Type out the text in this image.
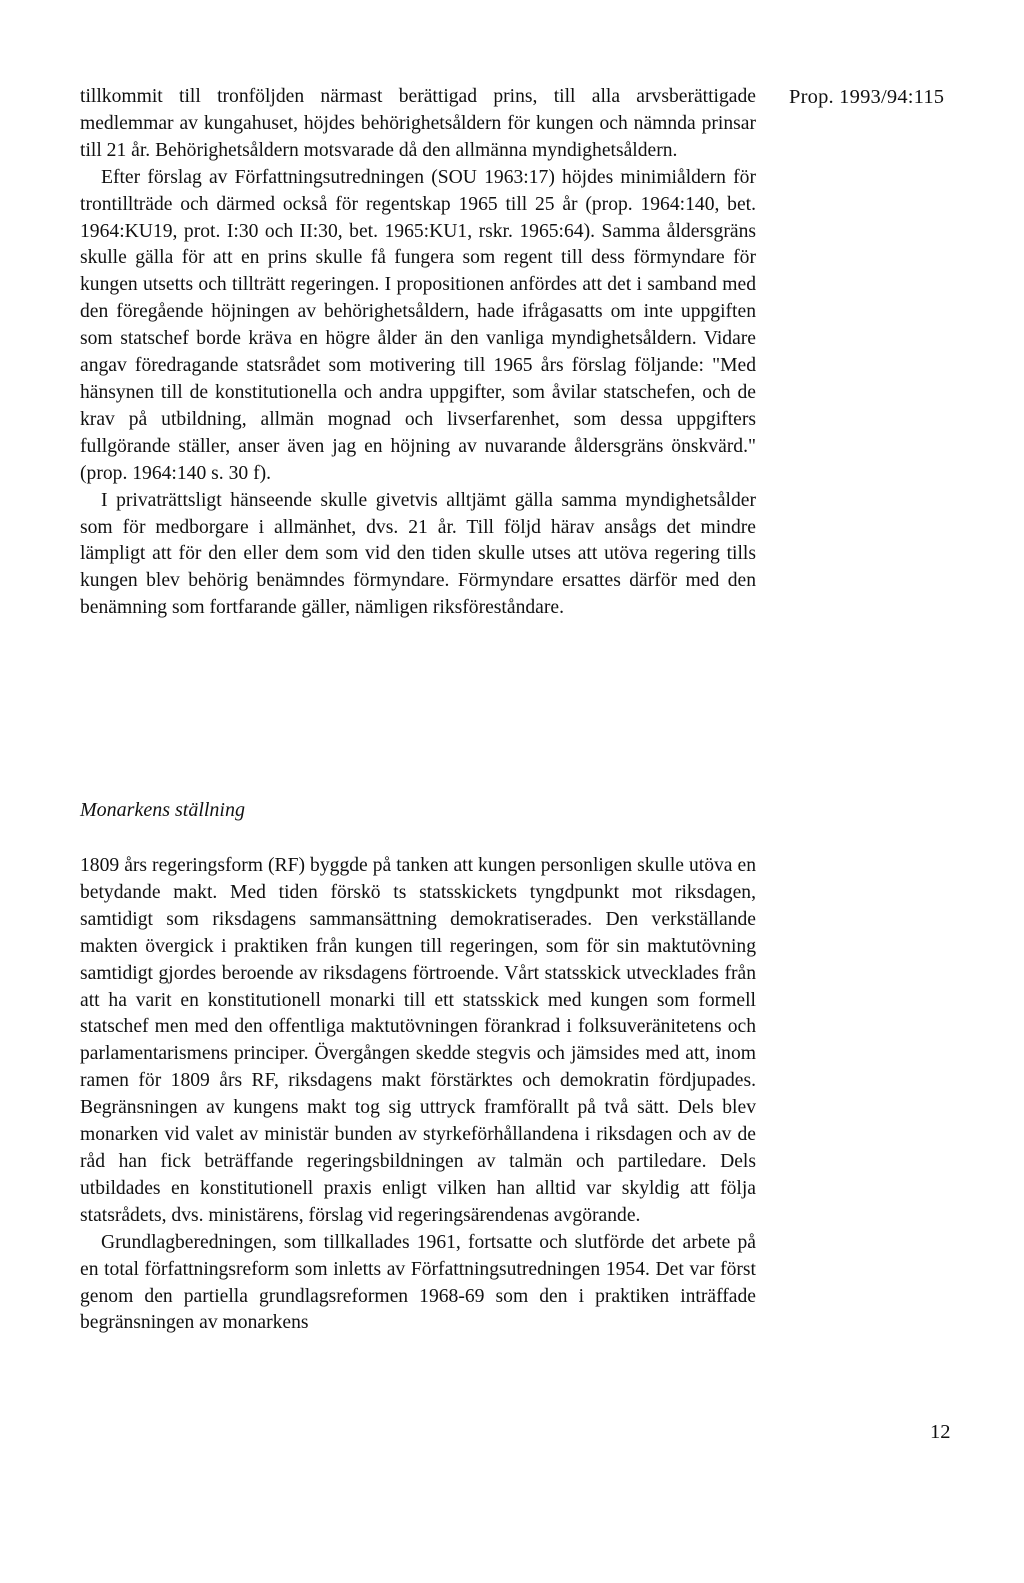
Prop. 1993/94:115

tillkommit till tronföljden närmast berättigad prins, till alla arvsberättigade medlemmar av kungahuset, höjdes behörighetsåldern för kungen och nämnda prinsar till 21 år. Behörighetsåldern motsvarade då den allmänna myndighetsåldern.

Efter förslag av Författningsutredningen (SOU 1963:17) höjdes minimiåldern för trontillträde och därmed också för regentskap 1965 till 25 år (prop. 1964:140, bet. 1964:KU19, prot. I:30 och II:30, bet. 1965:KU1, rskr. 1965:64). Samma åldersgräns skulle gälla för att en prins skulle få fungera som regent till dess förmyndare för kungen utsetts och tillträtt regeringen. I propositionen anfördes att det i samband med den föregående höjningen av behörighetsåldern, hade ifrågasatts om inte uppgiften som statschef borde kräva en högre ålder än den vanliga myndighetsåldern. Vidare angav föredragande statsrådet som motivering till 1965 års förslag följande: "Med hänsynen till de konstitutionella och andra uppgifter, som åvilar statschefen, och de krav på utbildning, allmän mognad och livserfarenhet, som dessa uppgifters fullgörande ställer, anser även jag en höjning av nuvarande åldersgräns önskvärd." (prop. 1964:140 s. 30 f).

I privaträttsligt hänseende skulle givetvis alltjämt gälla samma myndighetsålder som för medborgare i allmänhet, dvs. 21 år. Till följd härav ansågs det mindre lämpligt att för den eller dem som vid den tiden skulle utses att utöva regering tills kungen blev behörig benämndes förmyndare. Förmyndare ersattes därför med den benämning som fortfarande gäller, nämligen riksföreståndare.

Monarkens ställning

1809 års regeringsform (RF) byggde på tanken att kungen personligen skulle utöva en betydande makt. Med tiden förskö ts statsskickets tyngdpunkt mot riksdagen, samtidigt som riksdagens sammansättning demokratiserades. Den verkställande makten övergick i praktiken från kungen till regeringen, som för sin maktutövning samtidigt gjordes beroende av riksdagens förtroende. Vårt statsskick utvecklades från att ha varit en konstitutionell monarki till ett statsskick med kungen som formell statschef men med den offentliga maktutövningen förankrad i folksuveränitetens och parlamentarismens principer. Övergången skedde stegvis och jämsides med att, inom ramen för 1809 års RF, riksdagens makt förstärktes och demokratin fördjupades. Begränsningen av kungens makt tog sig uttryck framförallt på två sätt. Dels blev monarken vid valet av ministär bunden av styrkeförhållandena i riksdagen och av de råd han fick beträffande regeringsbildningen av talmän och partiledare. Dels utbildades en konstitutionell praxis enligt vilken han alltid var skyldig att följa statsrådets, dvs. ministärens, förslag vid regeringsärendenas avgörande.

Grundlagberedningen, som tillkallades 1961, fortsatte och slutförde det arbete på en total författningsreform som inletts av Författningsutredningen 1954. Det var först genom den partiella grundlagsreformen 1968-69 som den i praktiken inträffade begränsningen av monarkens

12
